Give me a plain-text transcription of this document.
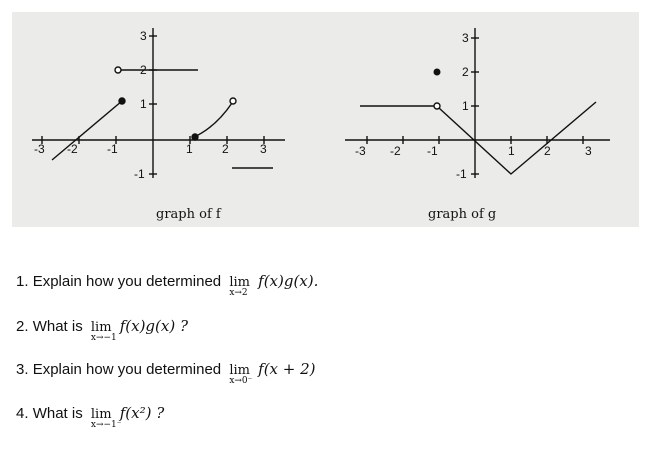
-3 -2 -1	1 2	3
3
2
1
-1
-3 -2 -1	1 2	3
3
2
1
-1
graph of f	graph of g
1. Explain how you determined lim
x→2
f(x)g(x).
2. What is lim
x→−1
f(x)g(x) ?
3. Explain how you determined lim
x→0⁻
f(x + 2)
4. What is lim
x→−1⁻
f(x²) ?
